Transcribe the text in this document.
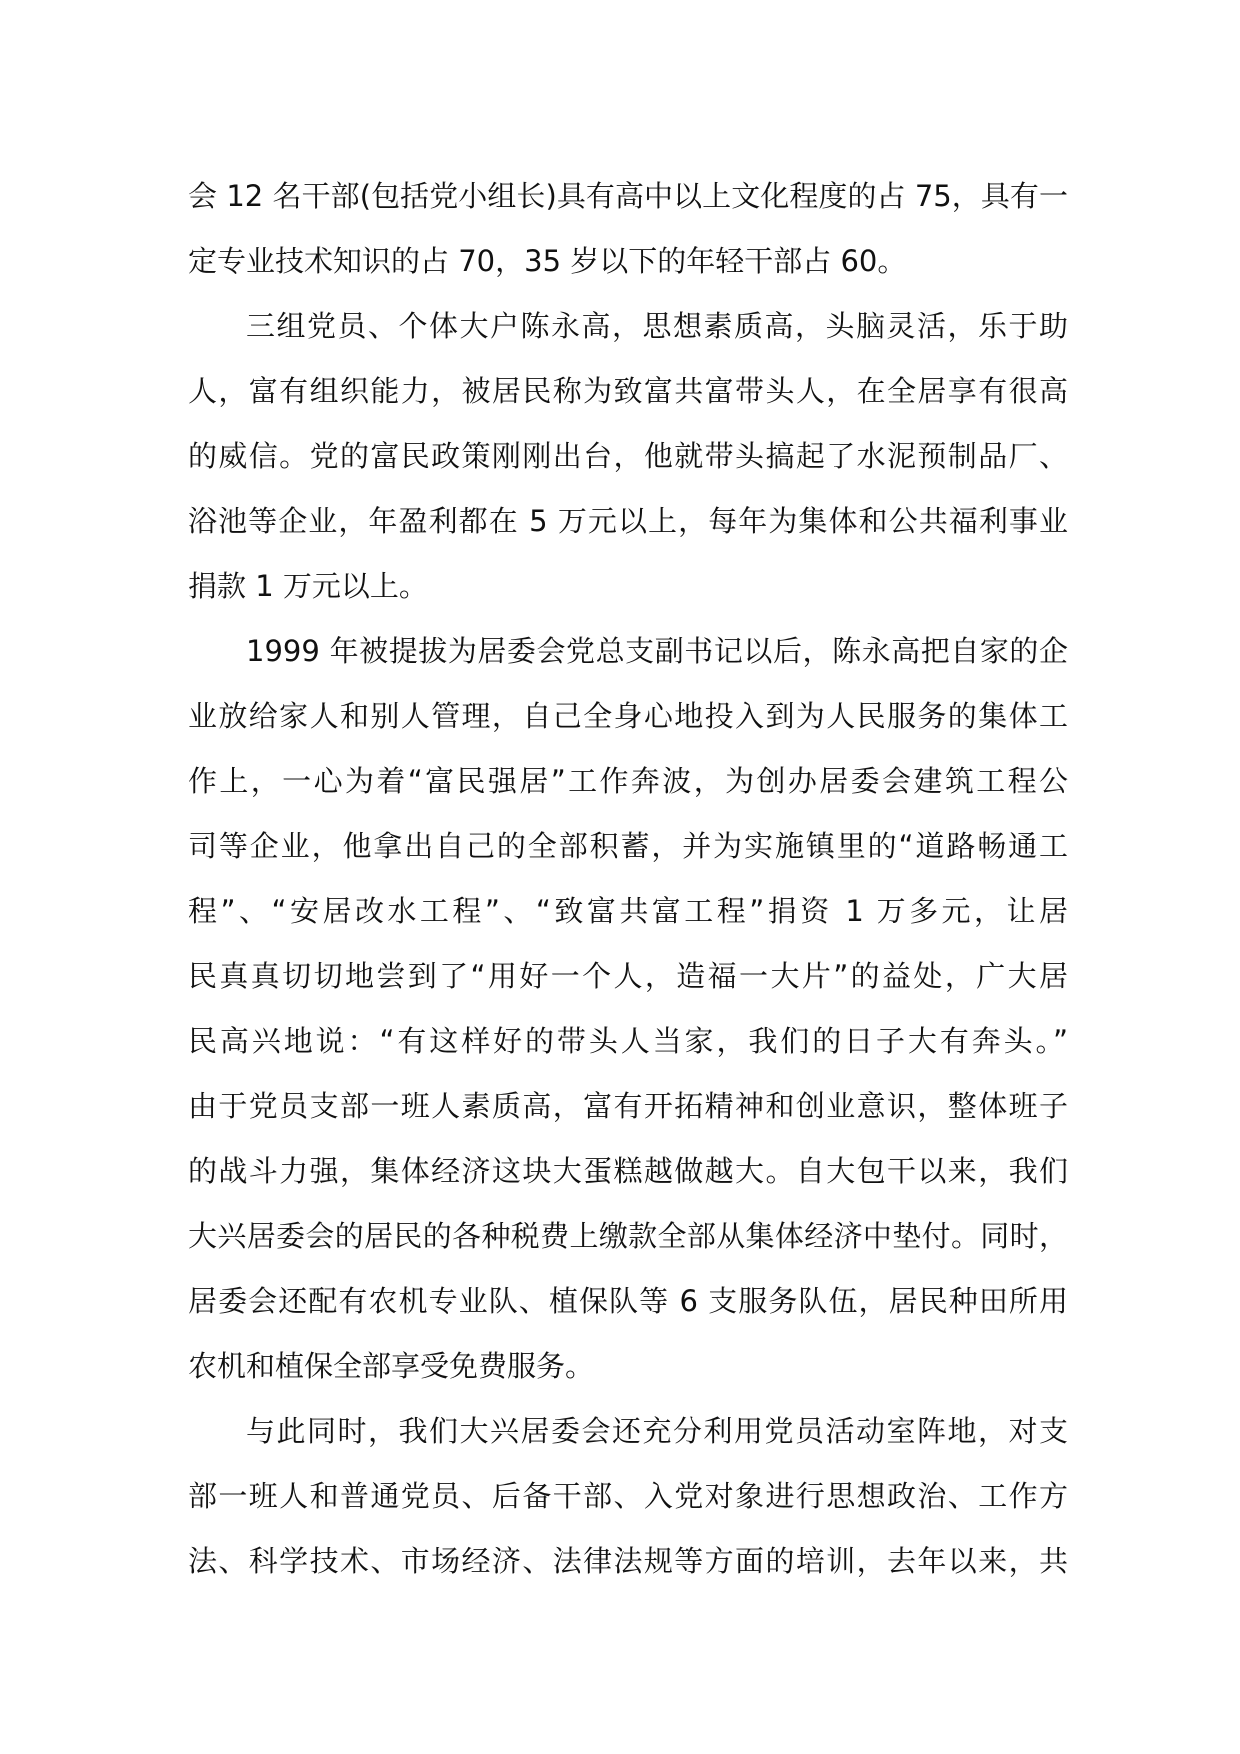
会 12 名干部(包括党小组长)具有高中以上文化程度的占 75，具有一
定专业技术知识的占 70，35 岁以下的年轻干部占 60。
三组党员、个体大户陈永高，思想素质高，头脑灵活，乐于助
人，富有组织能力，被居民称为致富共富带头人，在全居享有很高
的威信。党的富民政策刚刚出台，他就带头搞起了水泥预制品厂、
浴池等企业，年盈利都在 5 万元以上，每年为集体和公共福利事业
捐款 1 万元以上。
1999 年被提拔为居委会党总支副书记以后，陈永高把自家的企
业放给家人和别人管理，自己全身心地投入到为人民服务的集体工
作上，一心为着“富民强居”工作奔波，为创办居委会建筑工程公
司等企业，他拿出自己的全部积蓄，并为实施镇里的“道路畅通工
程”、“安居改水工程”、“致富共富工程”捐资 1 万多元，让居
民真真切切地尝到了“用好一个人，造福一大片”的益处，广大居
民高兴地说：“有这样好的带头人当家，我们的日子大有奔头。”
由于党员支部一班人素质高，富有开拓精神和创业意识，整体班子
的战斗力强，集体经济这块大蛋糕越做越大。自大包干以来，我们
大兴居委会的居民的各种税费上缴款全部从集体经济中垫付。同时，
居委会还配有农机专业队、植保队等 6 支服务队伍，居民种田所用
农机和植保全部享受免费服务。
与此同时，我们大兴居委会还充分利用党员活动室阵地，对支
部一班人和普通党员、后备干部、入党对象进行思想政治、工作方
法、科学技术、市场经济、法律法规等方面的培训，去年以来，共
